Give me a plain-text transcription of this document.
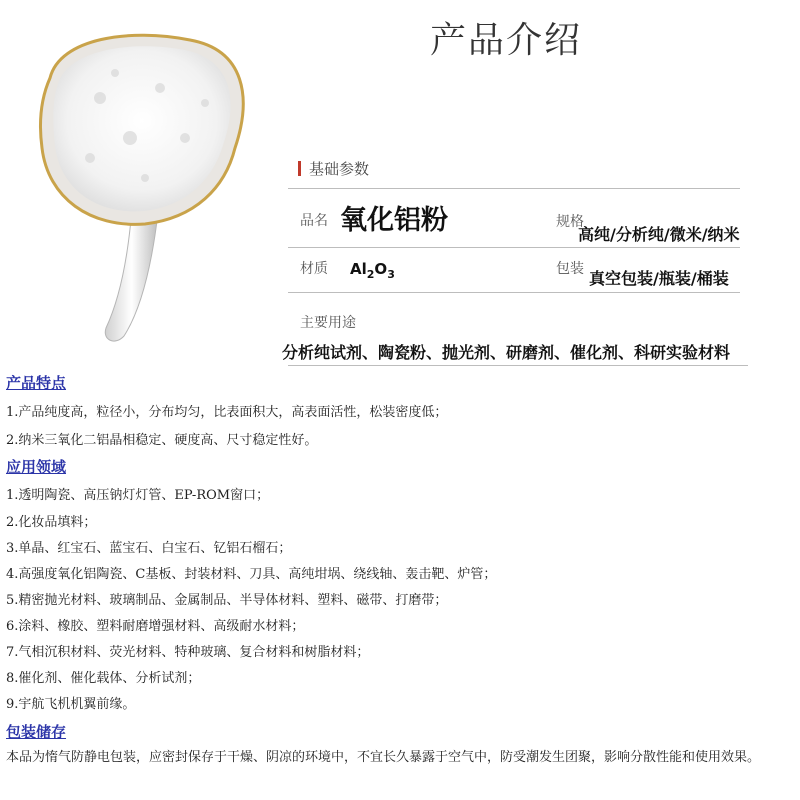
产品介绍
基础参数
品名 氧化铝粉	规格
高纯/分析纯/微米/纳米
材质 $Al_2O_3$	包装 真空包装/瓶装/桶装
主要用途
分析纯试剂、陶瓷粉、抛光剂、研磨剂、催化剂、科研实验材料
产品特点
1.产品纯度高，粒径小，分布均匀，比表面积大，高表面活性，松装密度低；
2.纳米三氧化二铝晶相稳定、硬度高、尺寸稳定性好。
应用领域
1.透明陶瓷、高压钠灯灯管、EP-ROM窗口；
2.化妆品填料；
3.单晶、红宝石、蓝宝石、白宝石、钇铝石榴石；
4.高强度氧化铝陶瓷、C基板、封装材料、刀具、高纯坩埚、绕线轴、轰击靶、炉管；
5.精密抛光材料、玻璃制品、金属制品、半导体材料、塑料、磁带、打磨带；
6.涂料、橡胶、塑料耐磨增强材料、高级耐水材料；
7.气相沉积材料、荧光材料、特种玻璃、复合材料和树脂材料；
8.催化剂、催化载体、分析试剂；
9.宇航飞机机翼前缘。
包装储存
本品为惰气防静电包装，应密封保存于干燥、阴凉的环境中，不宜长久暴露于空气中，防受潮发生团聚，影响分散性能和使用效果。
